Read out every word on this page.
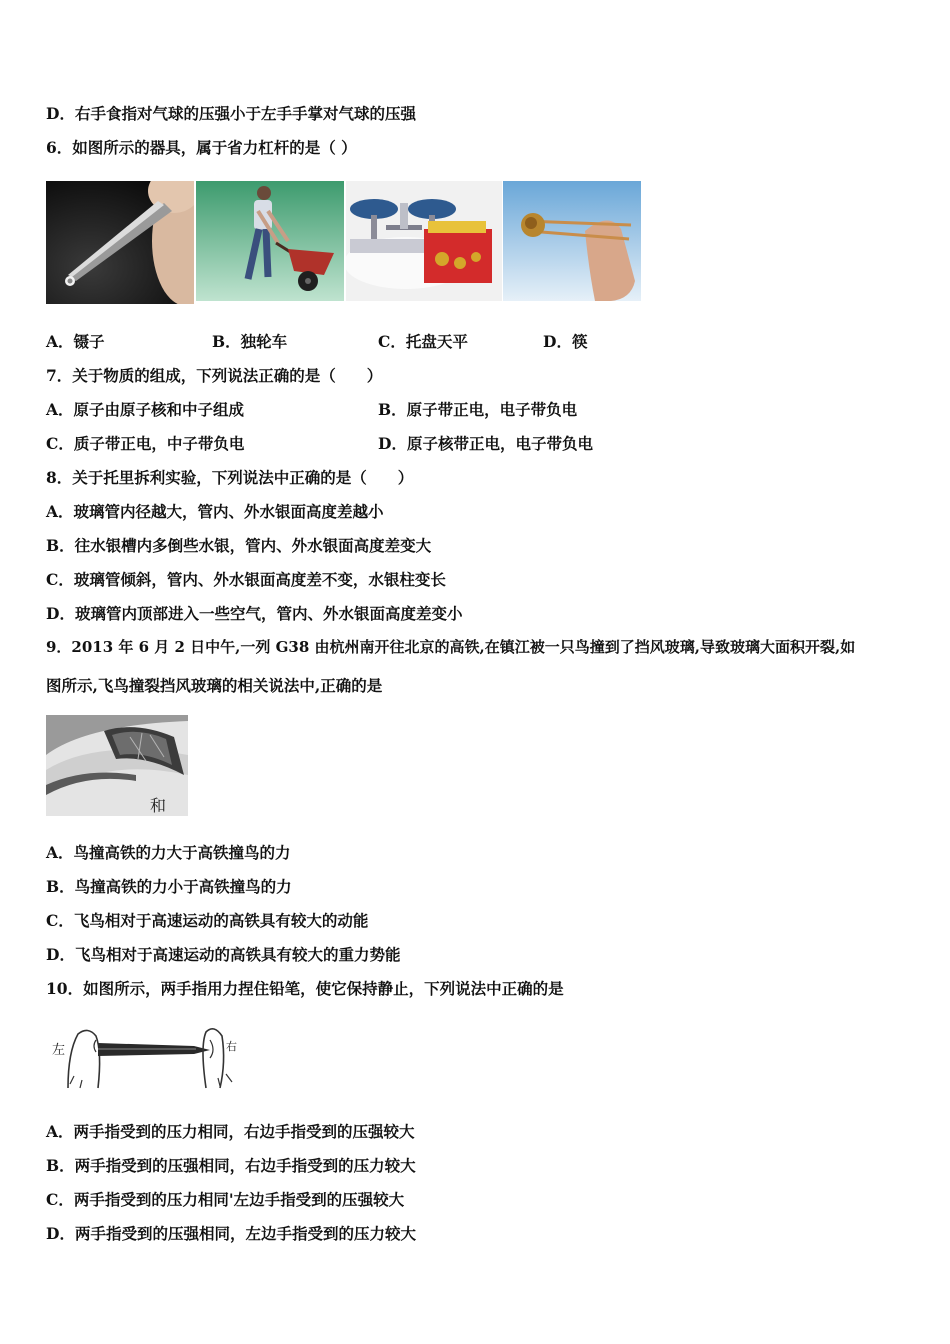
D．右手食指对气球的压强小于左手手掌对气球的压强
6．如图所示的器具，属于省力杠杆的是（ ）
A．镊子	B．独轮车	C．托盘天平	D．筷
7．关于物质的组成，下列说法正确的是（　　）
A．原子由原子核和中子组成	B．原子带正电，电子带负电
C．质子带正电，中子带负电	D．原子核带正电，电子带负电
8．关于托里拆利实验，下列说法中正确的是（　　）
A．玻璃管内径越大，管内、外水银面高度差越小
B．往水银槽内多倒些水银，管内、外水银面高度差变大
C．玻璃管倾斜，管内、外水银面高度差不变，水银柱变长
D．玻璃管内顶部进入一些空气，管内、外水银面高度差变小
9．2013 年 6 月 2 日中午,一列 G38 由杭州南开往北京的高铁,在镇江被一只鸟撞到了挡风玻璃,导致玻璃大面积开裂,如
图所示,飞鸟撞裂挡风玻璃的相关说法中,正确的是
和
A．鸟撞高铁的力大于高铁撞鸟的力
B．鸟撞高铁的力小于高铁撞鸟的力
C．飞鸟相对于高速运动的高铁具有较大的动能
D．飞鸟相对于高速运动的高铁具有较大的重力势能
10．如图所示，两手指用力捏住铅笔，使它保持静止，下列说法中正确的是
左	右
A．两手指受到的压力相同，右边手指受到的压强较大
B．两手指受到的压强相同，右边手指受到的压力较大
C．两手指受到的压力相同'左边手指受到的压强较大
D．两手指受到的压强相同，左边手指受到的压力较大
